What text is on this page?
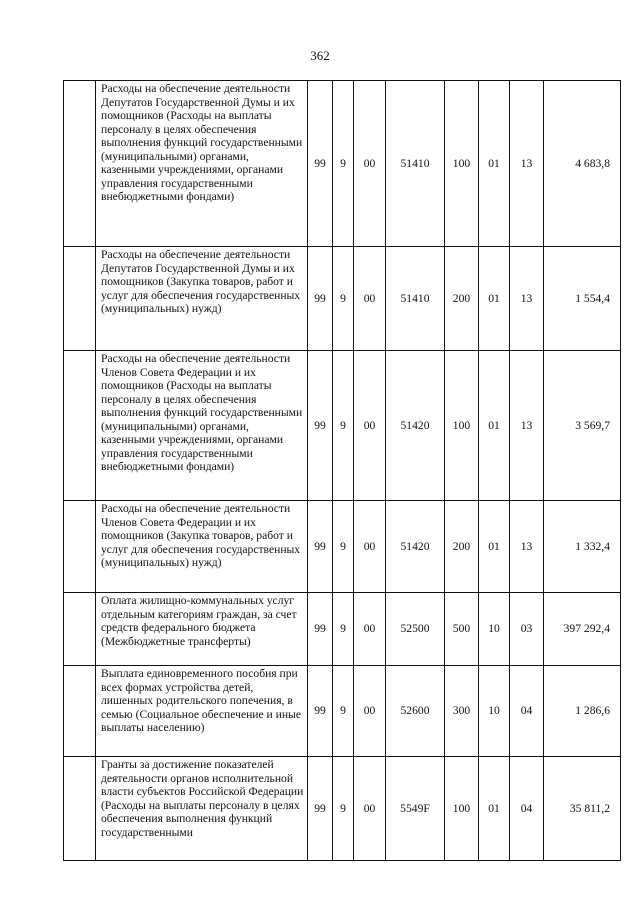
362
	Расходы на обеспечение деятельности Депутатов Государственной Думы и их помощников (Расходы на выплаты персоналу в целях обеспечения выполнения функций государственными (муниципальными) органами, казенными учреждениями, органами управления государственными внебюджетными фондами)	99	9	00	51410	100	01	13	4 683,8
	Расходы на обеспечение деятельности Депутатов Государственной Думы и их помощников (Закупка товаров, работ и услуг для обеспечения государственных (муниципальных) нужд)	99	9	00	51410	200	01	13	1 554,4
	Расходы на обеспечение деятельности Членов Совета Федерации и их помощников (Расходы на выплаты персоналу в целях обеспечения выполнения функций государственными (муниципальными) органами, казенными учреждениями, органами управления государственными внебюджетными фондами)	99	9	00	51420	100	01	13	3 569,7
	Расходы на обеспечение деятельности Членов Совета Федерации и их помощников (Закупка товаров, работ и услуг для обеспечения государственных (муниципальных) нужд)	99	9	00	51420	200	01	13	1 332,4
	Оплата жилищно-коммунальных услуг отдельным категориям граждан, за счет средств федерального бюджета (Межбюджетные трансферты)	99	9	00	52500	500	10	03	397 292,4
	Выплата единовременного пособия при всех формах устройства детей, лишенных родительского попечения, в семью (Социальное обеспечение и иные выплаты населению)	99	9	00	52600	300	10	04	1 286,6
	Гранты за достижение показателей деятельности органов исполнительной власти субъектов Российской Федерации (Расходы на выплаты персоналу в целях обеспечения выполнения функций государственными	99	9	00	5549F	100	01	04	35 811,2
